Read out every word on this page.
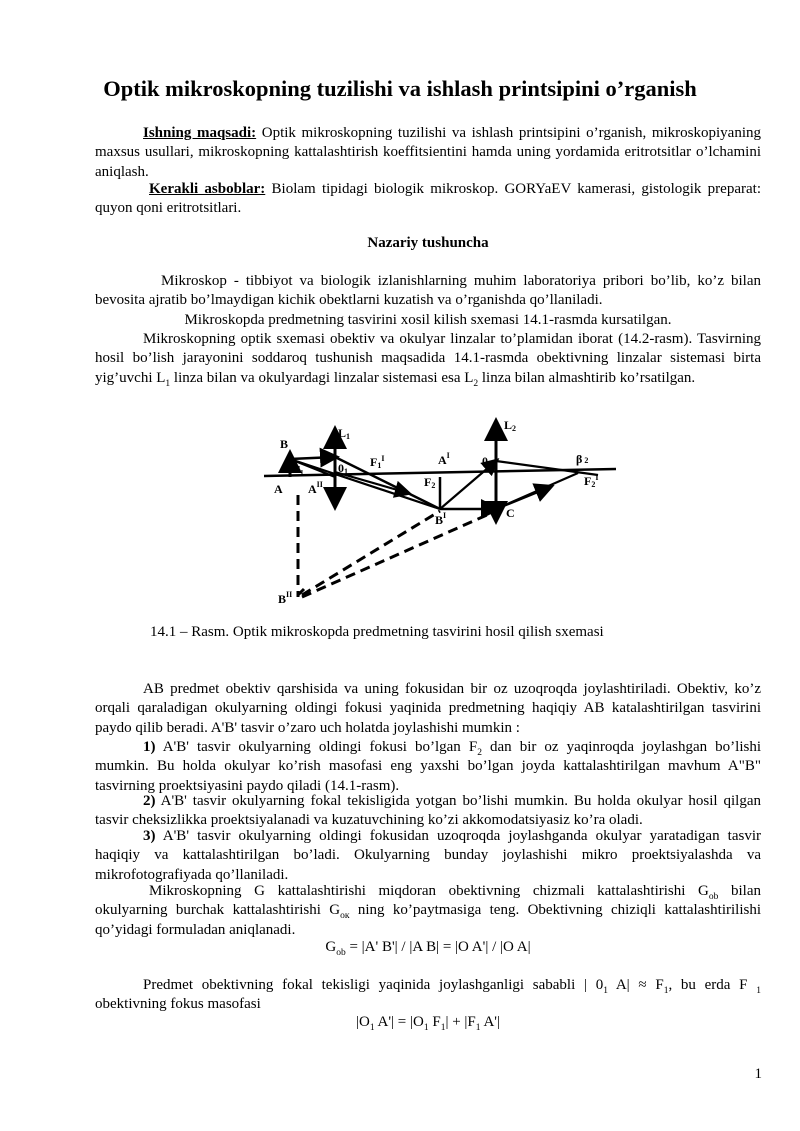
Optik mikroskopning tuzilishi va ishlash printsipini o’rganish
Ishning maqsadi: Optik mikroskopning tuzilishi va ishlash printsipini o’rganish, mikroskopiyaning maxsus usullari, mikroskopning kattalashtirish koeffitsientini hamda uning yordamida eritrotsitlar o’lchamini aniqlash.
Kerakli asboblar: Biolam tipidagi biologik mikroskop. GORYaEV kamerasi, gistologik preparat: quyon qoni eritrotsitlari.
Nazariy tushuncha
Mikroskop - tibbiyot va biologik izlanishlarning muhim laboratoriya pribori bo’lib, ko’z bilan bevosita ajratib bo’lmaydigan kichik obektlarni kuzatish va o’rganishda qo’llaniladi.
Mikroskopda predmetning tasvirini xosil kilish sxemasi 14.1-rasmda kursatilgan.
Mikroskopning optik sxemasi obektiv va okulyar linzalar to’plamidan iborat (14.2-rasm). Tasvirning hosil bo’lish jarayonini soddaroq tushunish maqsadida 14.1-rasmda obektivning linzalar sistemasi birta yig’uvchi $L_1$ linza bilan va okulyardagi linzalar sistemasi esa $L_2$ linza bilan almashtirib ko’rsatilgan.
B
L1
$F_1$	01
$F1^I$
A $A^{II}$
$A^I$
F2
$B^I$
L2
02	β 2
$F2^I$
C
$B^{II}$
14.1 – Rasm. Optik mikroskopda predmetning tasvirini hosil qilish sxemasi
AB predmet obektiv qarshisida va uning fokusidan bir oz uzoqroqda joylashtiriladi. Obektiv, ko’z orqali qaraladigan okulyarning oldingi fokusi yaqinida predmetning haqiqiy AB katalashtirilgan tasvirini paydo qilib beradi. A'B' tasvir o’zaro uch holatda joylashishi mumkin :
1) A'B' tasvir okulyarning oldingi fokusi bo’lgan $F_2$ dan bir oz yaqinroqda joylashgan bo’lishi mumkin. Bu holda okulyar ko’rish masofasi eng yaxshi bo’lgan joyda kattalashtirilgan mavhum A"B" tasvirning proektsiyasini paydo qiladi (14.1-rasm).
2) A'B' tasvir okulyarning fokal tekisligida yotgan bo’lishi mumkin. Bu holda okulyar hosil qilgan tasvir cheksizlikka proektsiyalanadi va kuzatuvchining ko’zi akkomodatsiyasiz ko’ra oladi.
3) A'B' tasvir okulyarning oldingi fokusidan uzoqroqda joylashganda okulyar yaratadigan tasvir haqiqiy va kattalashtirilgan bo’ladi. Okulyarning bunday joylashishi mikro proektsiyalashda va mikrofotografiyada qo’llaniladi.
Mikroskopning G kattalashtirishi miqdoran obektivning chizmali kattalashtirishi $G_{ob}$ bilan okulyarning burchak kattalashtirishi $G_{ок}$ ning ko’paytmasiga teng. Obektivning chiziqli kattalashtirilishi qo’yidagi formuladan aniqlanadi.
$G_{ob} = |A'$ B'| / |A B| = |O A'| / |O A|
Predmet obektivning fokal tekisligi yaqinida joylashganligi sababli | $0_1$ $A| \approx F_1$, bu erda F $_1$ obektivning fokus masofasi
$|O_1$ $A'| = |O_1$ $F_1| + |F_1$ A'|
1
